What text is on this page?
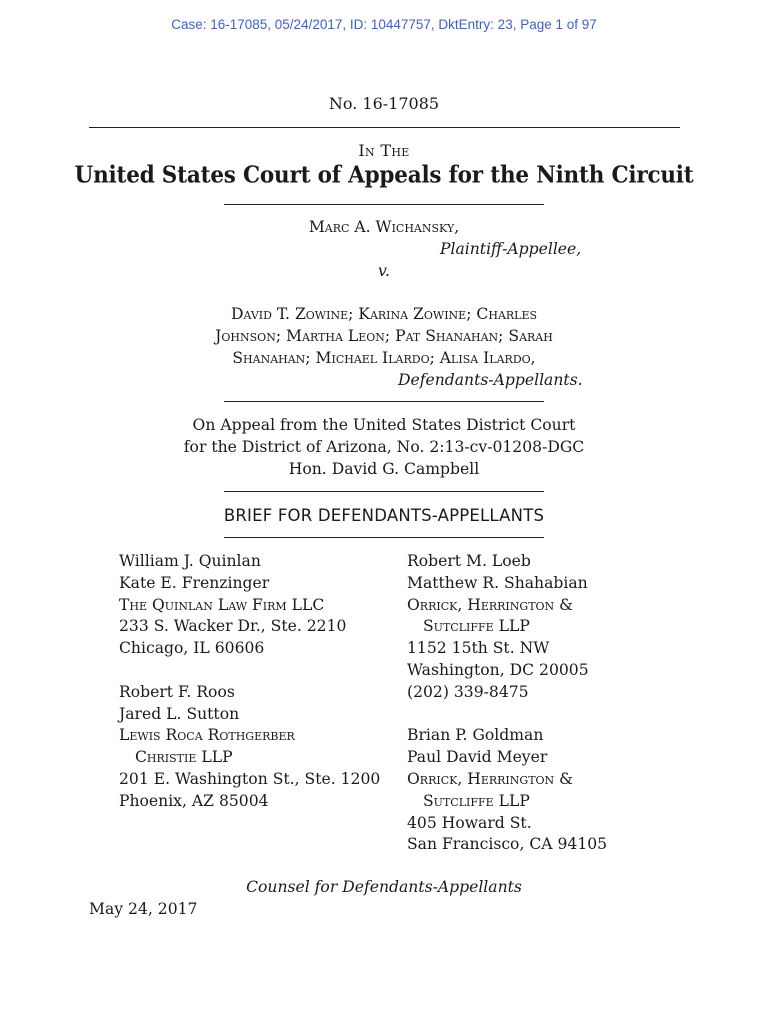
Case: 16-17085, 05/24/2017, ID: 10447757, DktEntry: 23, Page 1 of 97
No. 16-17085
In The
United States Court of Appeals for the Ninth Circuit
Marc A. Wichansky,
Plaintiff-Appellee,
v.
David T. Zowine; Karina Zowine; Charles
Johnson; Martha Leon; Pat Shanahan; Sarah
Shanahan; Michael Ilardo; Alisa Ilardo,
Defendants-Appellants.
On Appeal from the United States District Court
for the District of Arizona, No. 2:13-cv-01208-DGC
Hon. David G. Campbell
BRIEF FOR DEFENDANTS-APPELLANTS
William J. Quinlan
Kate E. Frenzinger
The Quinlan Law Firm LLC
233 S. Wacker Dr., Ste. 2210
Chicago, IL 60606
Robert F. Roos
Jared L. Sutton
Lewis Roca Rothgerber
Christie LLP
201 E. Washington St., Ste. 1200
Phoenix, AZ 85004
Robert M. Loeb
Matthew R. Shahabian
Orrick, Herrington &
Sutcliffe LLP
1152 15th St. NW
Washington, DC 20005
(202) 339-8475
Brian P. Goldman
Paul David Meyer
Orrick, Herrington &
Sutcliffe LLP
405 Howard St.
San Francisco, CA 94105
Counsel for Defendants-Appellants
May 24, 2017
